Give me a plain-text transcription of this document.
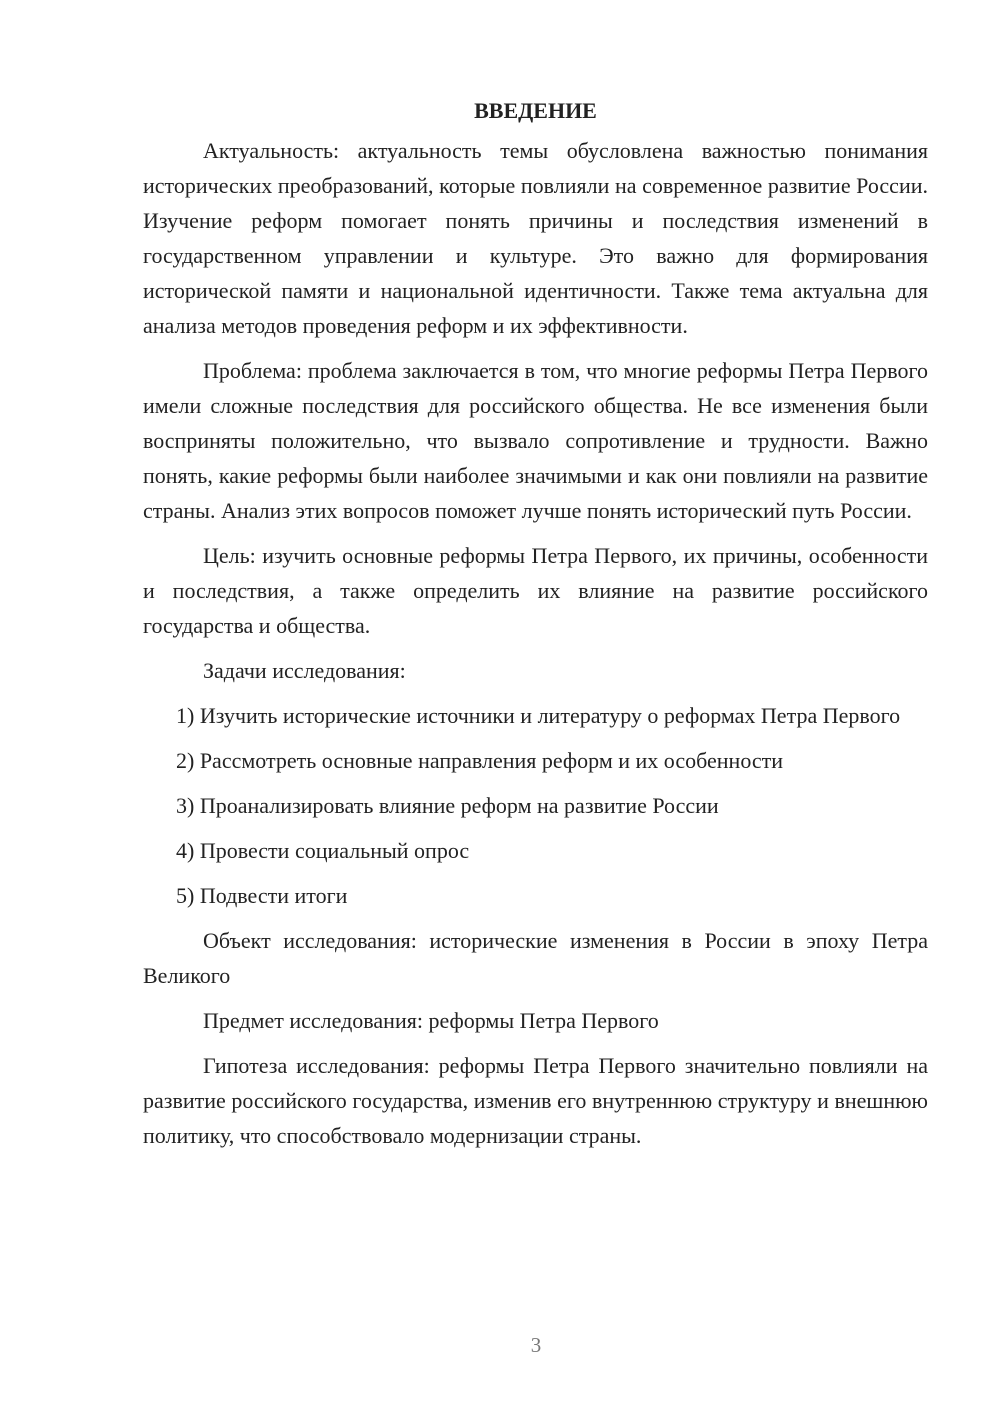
ВВЕДЕНИЕ

Актуальность: актуальность темы обусловлена важностью понимания исторических преобразований, которые повлияли на современное развитие России. Изучение реформ помогает понять причины и последствия изменений в государственном управлении и культуре. Это важно для формирования исторической памяти и национальной идентичности. Также тема актуальна для анализа методов проведения реформ и их эффективности.

Проблема: проблема заключается в том, что многие реформы Петра Первого имели сложные последствия для российского общества. Не все изменения были восприняты положительно, что вызвало сопротивление и трудности. Важно понять, какие реформы были наиболее значимыми и как они повлияли на развитие страны. Анализ этих вопросов поможет лучше понять исторический путь России.

Цель: изучить основные реформы Петра Первого, их причины, особенности и последствия, а также определить их влияние на развитие российского государства и общества.

Задачи исследования:

1) Изучить исторические источники и литературу о реформах Петра Первого

2) Рассмотреть основные направления реформ и их особенности

3) Проанализировать влияние реформ на развитие России

4) Провести социальный опрос

5) Подвести итоги

Объект исследования: исторические изменения в России в эпоху Петра Великого

Предмет исследования: реформы Петра Первого

Гипотеза исследования: реформы Петра Первого значительно повлияли на развитие российского государства, изменив его внутреннюю структуру и внешнюю политику, что способствовало модернизации страны.

3
